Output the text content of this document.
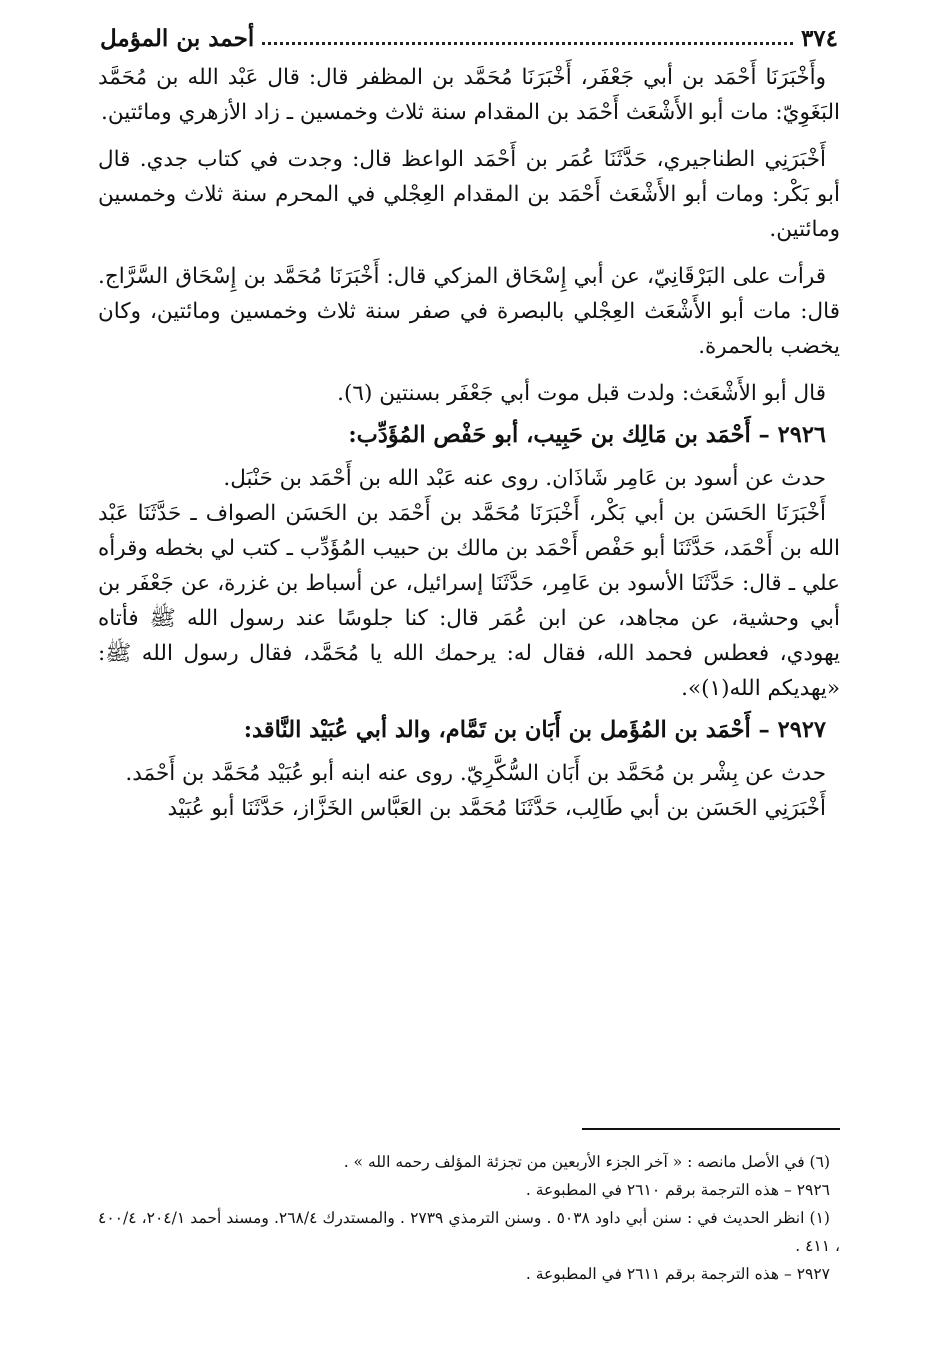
٣٧٤
أحمد بن المؤمل

وأَخْبَرَنَا أَحْمَد بن أبي جَعْفَر، أَخْبَرَنَا مُحَمَّد بن المظفر قال: قال عَبْد الله بن مُحَمَّد البَغَوِيّ: مات أبو الأَشْعَث أَحْمَد بن المقدام سنة ثلاث وخمسين ـ زاد الأزهري ومائتين.

أَخْبَرَنِي الطناجيري، حَدَّثَنَا عُمَر بن أَحْمَد الواعظ قال: وجدت في كتاب جدي. قال أبو بَكْر: ومات أبو الأَشْعَث أَحْمَد بن المقدام العِجْلي في المحرم سنة ثلاث وخمسين ومائتين.

قرأت على البَرْقَانِيّ، عن أبي إِسْحَاق المزكي قال: أَخْبَرَنَا مُحَمَّد بن إِسْحَاق السَّرَّاج. قال: مات أبو الأَشْعَث العِجْلي بالبصرة في صفر سنة ثلاث وخمسين ومائتين، وكان يخضب بالحمرة.

قال أبو الأَشْعَث: ولدت قبل موت أبي جَعْفَر بسنتين (٦).

٢٩٢٦ – أَحْمَد بن مَالِك بن حَبِيب، أبو حَفْص المُؤَدِّب:

حدث عن أسود بن عَامِر شَاذَان. روى عنه عَبْد الله بن أَحْمَد بن حَنْبَل.

أَخْبَرَنَا الحَسَن بن أبي بَكْر، أَخْبَرَنَا مُحَمَّد بن أَحْمَد بن الحَسَن الصواف ـ حَدَّثَنَا عَبْد الله بن أَحْمَد، حَدَّثَنَا أبو حَفْص أَحْمَد بن مالك بن حبيب المُؤَدِّب ـ كتب لي بخطه وقرأه علي ـ قال: حَدَّثَنَا الأسود بن عَامِر، حَدَّثَنَا إسرائيل، عن أسباط بن غزرة، عن جَعْفَر بن أبي وحشية، عن مجاهد، عن ابن عُمَر قال: كنا جلوسًا عند رسول الله ﷺ فأتاه يهودي، فعطس فحمد الله، فقال له: يرحمك الله يا مُحَمَّد، فقال رسول الله ﷺ: «يهديكم الله(١)».

٢٩٢٧ – أَحْمَد بن المُؤَمل بن أَبَان بن تَمَّام، والد أبي عُبَيْد النَّاقد:

حدث عن بِشْر بن مُحَمَّد بن أَبَان السُّكَّرِيّ. روى عنه ابنه أبو عُبَيْد مُحَمَّد بن أَحْمَد.

أَخْبَرَنِي الحَسَن بن أبي طَالِب، حَدَّثَنَا مُحَمَّد بن العَبَّاس الخَزَّاز، حَدَّثَنَا أبو عُبَيْد

(٦) في الأصل مانصه : « آخر الجزء الأربعين من تجزئة المؤلف رحمه الله » .

٢٩٢٦ – هذه الترجمة برقم ٢٦١٠ في المطبوعة .

(١) انظر الحديث في : سنن أبي داود ٥٠٣٨ . وسنن الترمذي ٢٧٣٩ . والمستدرك ٢٦٨/٤. ومسند أحمد ٢٠٤/١، ٤٠٠/٤ ، ٤١١ .

٢٩٢٧ – هذه الترجمة برقم ٢٦١١ في المطبوعة .
